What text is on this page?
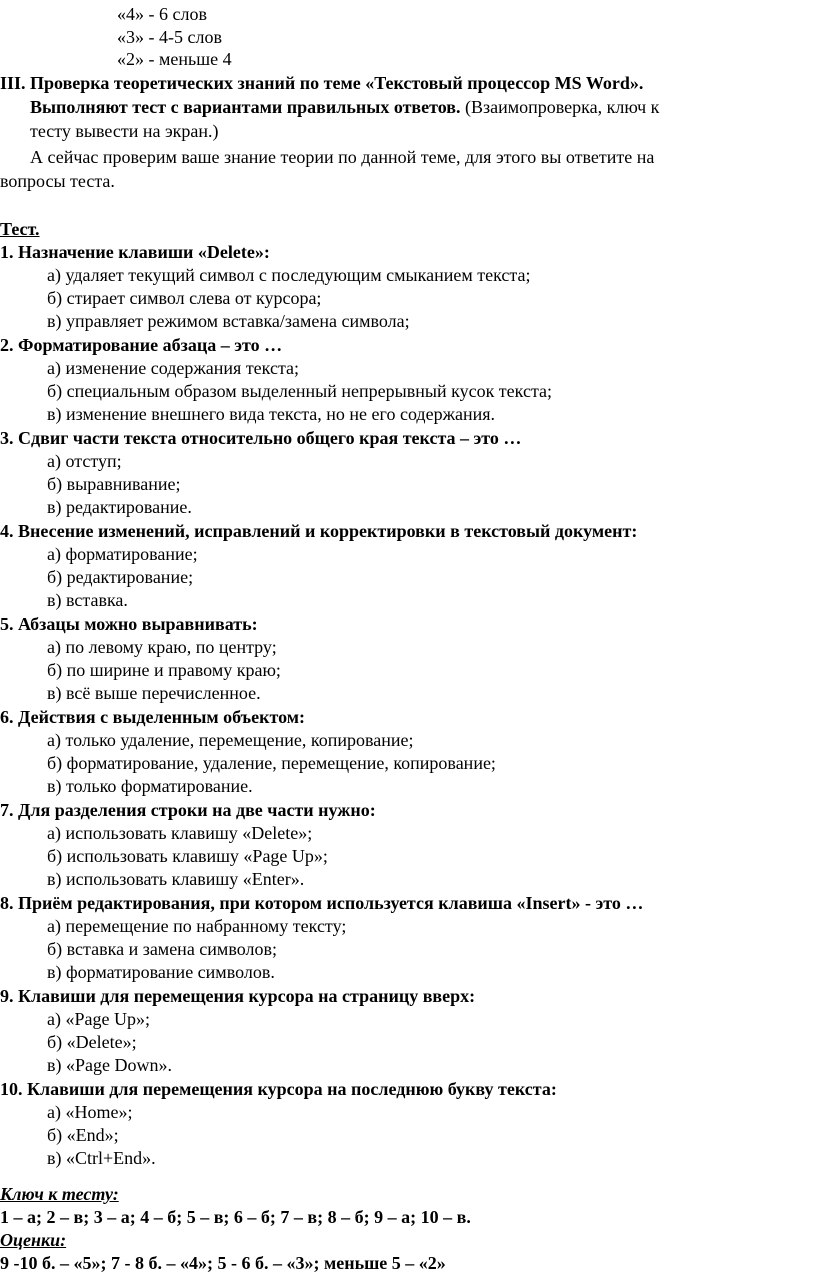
«4» - 6 слов
«3» - 4-5 слов
«2» - меньше 4
III. Проверка теоретических знаний по теме «Текстовый процессор MS Word».
Выполняют тест с вариантами правильных ответов. (Взаимопроверка, ключ к
тесту вывести на экран.)
А сейчас проверим ваше знание теории по данной теме, для этого вы ответите на
вопросы теста.
Тест.
1. Назначение клавиши «Delete»:
а) удаляет текущий символ с последующим смыканием текста;
б) стирает символ слева от курсора;
в) управляет режимом вставка/замена символа;
2. Форматирование абзаца – это …
а) изменение содержания текста;
б) специальным образом выделенный непрерывный кусок текста;
в) изменение внешнего вида текста, но не его содержания.
3. Сдвиг части текста относительно общего края текста – это …
а) отступ;
б) выравнивание;
в) редактирование.
4. Внесение изменений, исправлений и корректировки в текстовый документ:
а) форматирование;
б) редактирование;
в) вставка.
5. Абзацы можно выравнивать:
а) по левому краю, по центру;
б) по ширине и правому краю;
в) всё выше перечисленное.
6. Действия с выделенным объектом:
а) только удаление, перемещение, копирование;
б) форматирование, удаление, перемещение, копирование;
в) только форматирование.
7. Для разделения строки на две части нужно:
а) использовать клавишу «Delete»;
б) использовать клавишу «Page Up»;
в) использовать клавишу «Enter».
8. Приём редактирования, при котором используется клавиша «Insert» - это …
а) перемещение по набранному тексту;
б) вставка и замена символов;
в) форматирование символов.
9. Клавиши для перемещения курсора на страницу вверх:
а) «Page Up»;
б) «Delete»;
в) «Page Down».
10. Клавиши для перемещения курсора на последнюю букву текста:
а) «Home»;
б) «End»;
в) «Ctrl+End».
Ключ к тесту:
1 – а; 2 – в; 3 – а; 4 – б; 5 – в; 6 – б; 7 – в; 8 – б; 9 – а; 10 – в.
Оценки:
9 -10 б. – «5»; 7 - 8 б. – «4»; 5 - 6 б. – «3»; меньше 5 – «2»
